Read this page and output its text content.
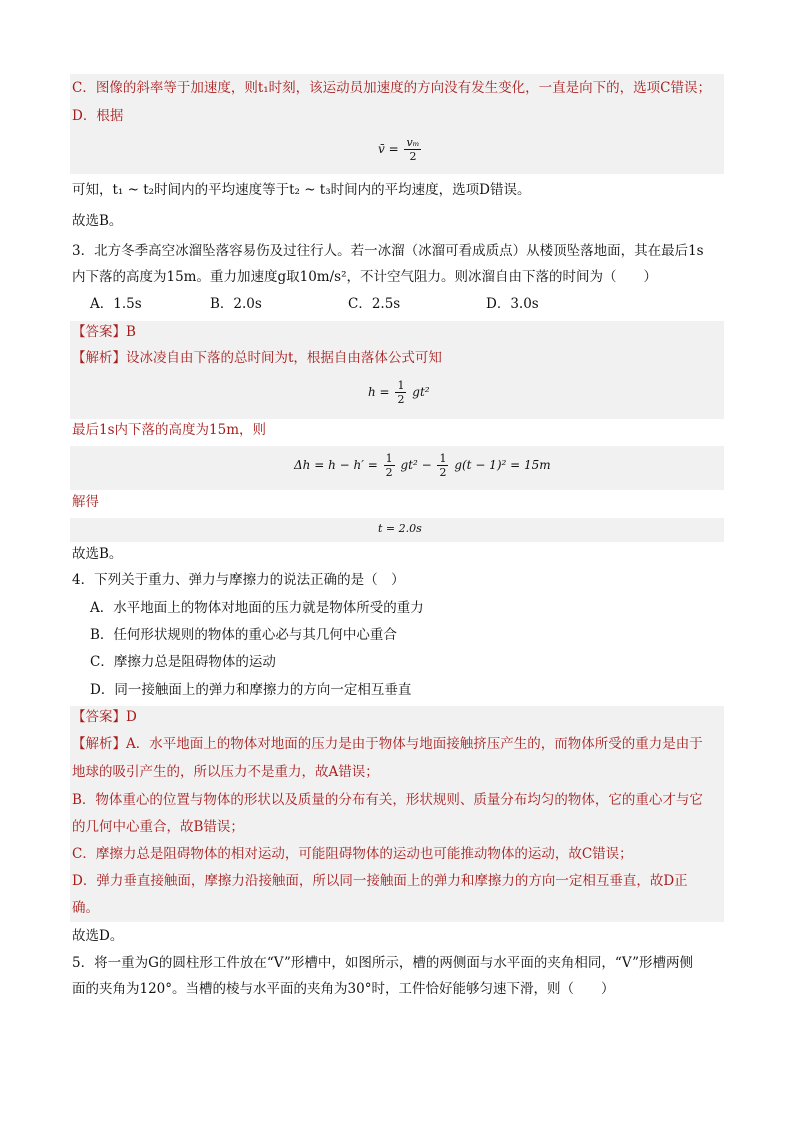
C．图像的斜率等于加速度，则t₁时刻，该运动员加速度的方向没有发生变化，一直是向下的，选项C错误；
D．根据
v̄ = $\frac{\text{vₘ}}{2}$
可知，t₁ ~ t₂时间内的平均速度等于t₂ ~ t₃时间内的平均速度，选项D错误。
故选B。
3．北方冬季高空冰溜坠落容易伤及过往行人。若一冰溜（冰溜可看成质点）从楼顶坠落地面，其在最后1s
内下落的高度为15m。重力加速度g取10m/s²，不计空气阻力。则冰溜自由下落的时间为（　　）
A．1.5s	B．2.0s	C．2.5s	D．3.0s
【答案】B
【解析】设冰凌自由下落的总时间为t，根据自由落体公式可知
$h = \frac{1}{2} gt^2$
最后1s内下落的高度为15m，则
$\Delta h = h - h' = \frac{1}{2} gt^2 - \frac{1}{2} g(t - 1)^2 = 15m$
解得
t = 2.0s
故选B。
4．下列关于重力、弹力与摩擦力的说法正确的是（　）
A．水平地面上的物体对地面的压力就是物体所受的重力
B．任何形状规则的物体的重心必与其几何中心重合
C．摩擦力总是阻碍物体的运动
D．同一接触面上的弹力和摩擦力的方向一定相互垂直
【答案】D
【解析】A．水平地面上的物体对地面的压力是由于物体与地面接触挤压产生的，而物体所受的重力是由于
地球的吸引产生的，所以压力不是重力，故A错误；
B．物体重心的位置与物体的形状以及质量的分布有关，形状规则、质量分布均匀的物体，它的重心才与它
的几何中心重合，故B错误；
C．摩擦力总是阻碍物体的相对运动，可能阻碍物体的运动也可能推动物体的运动，故C错误；
D．弹力垂直接触面，摩擦力沿接触面，所以同一接触面上的弹力和摩擦力的方向一定相互垂直，故D正
确。
故选D。
5．将一重为G的圆柱形工件放在“V”形槽中，如图所示，槽的两侧面与水平面的夹角相同，“V”形槽两侧
面的夹角为120°。当槽的棱与水平面的夹角为30°时，工件恰好能够匀速下滑，则（　　）
